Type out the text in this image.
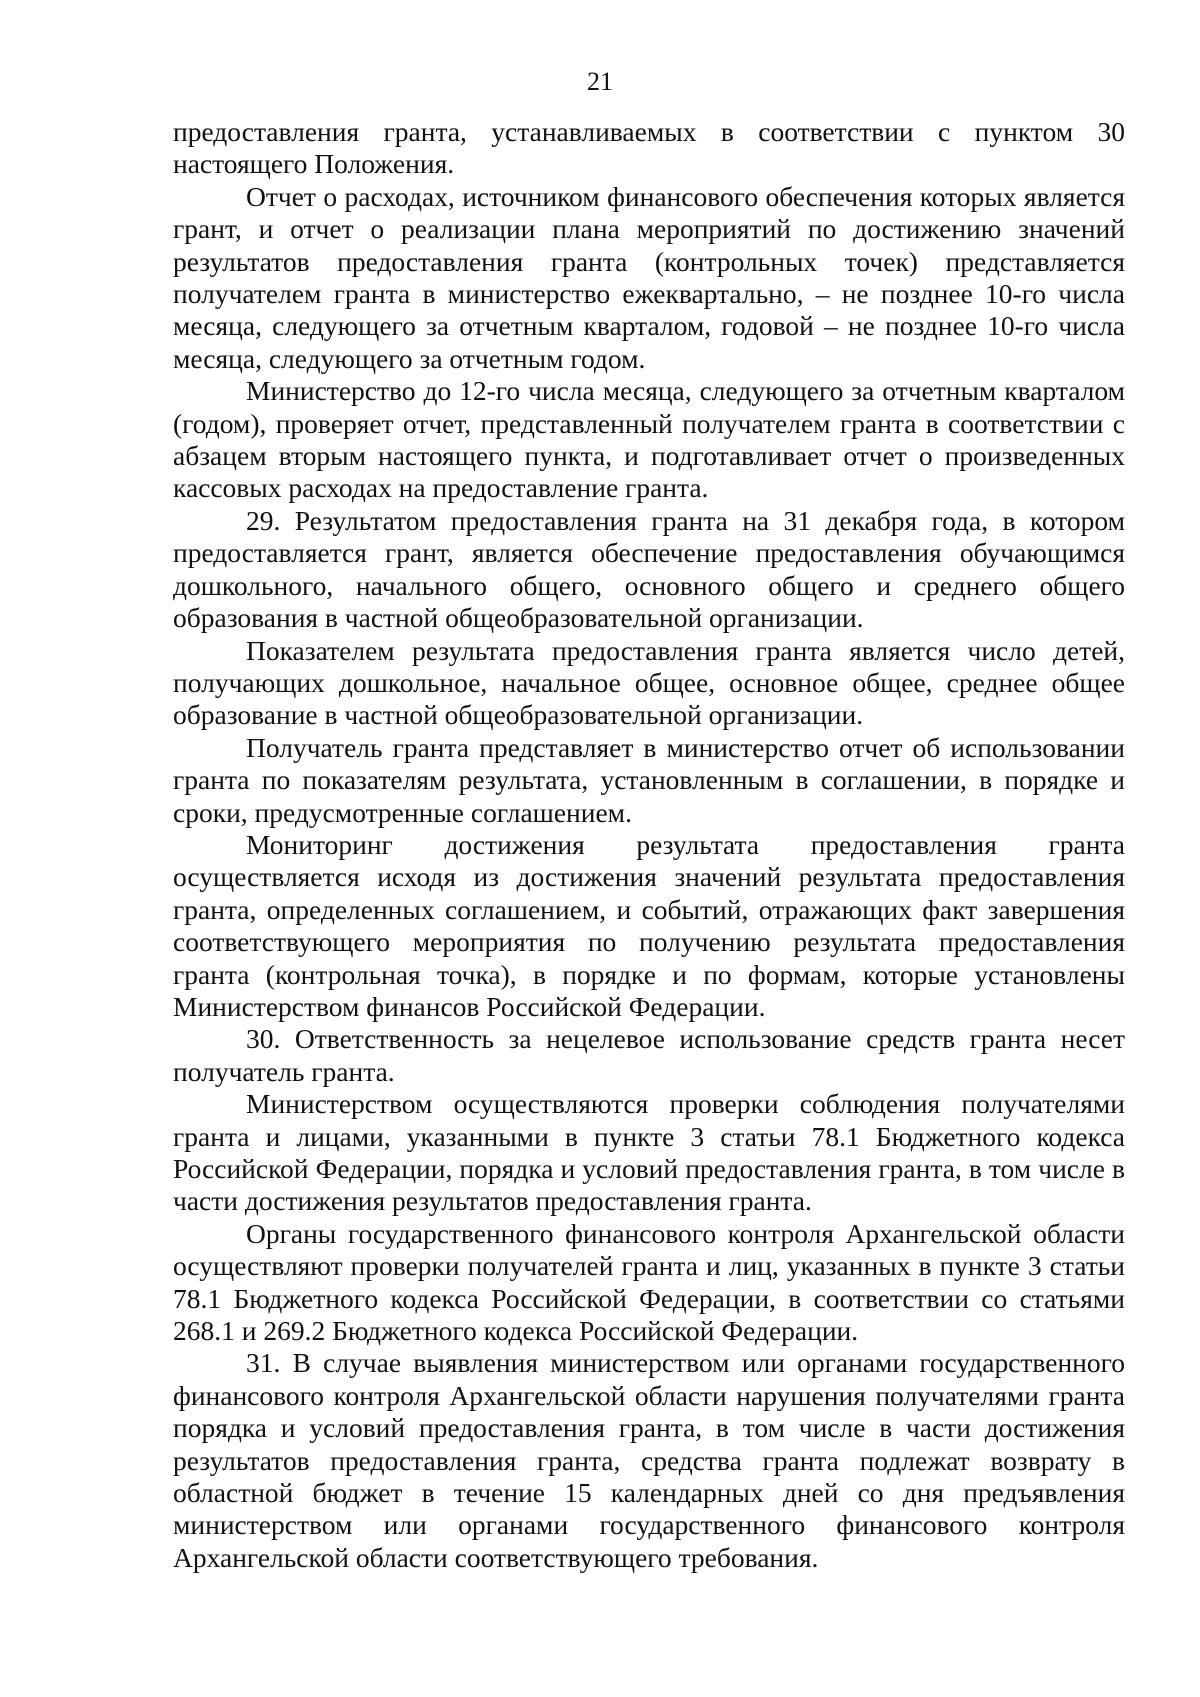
21

предоставления гранта, устанавливаемых в соответствии с пунктом 30 настоящего Положения.

Отчет о расходах, источником финансового обеспечения которых является грант, и отчет о реализации плана мероприятий по достижению значений результатов предоставления гранта (контрольных точек) представляется получателем гранта в министерство ежеквартально, – не позднее 10-го числа месяца, следующего за отчетным кварталом, годовой – не позднее 10-го числа месяца, следующего за отчетным годом.

Министерство до 12-го числа месяца, следующего за отчетным кварталом (годом), проверяет отчет, представленный получателем гранта в соответствии с абзацем вторым настоящего пункта, и подготавливает отчет о произведенных кассовых расходах на предоставление гранта.

29. Результатом предоставления гранта на 31 декабря года, в котором предоставляется грант, является обеспечение предоставления обучающимся дошкольного, начального общего, основного общего и среднего общего образования в частной общеобразовательной организации.

Показателем результата предоставления гранта является число детей, получающих дошкольное, начальное общее, основное общее, среднее общее образование в частной общеобразовательной организации.

Получатель гранта представляет в министерство отчет об использовании гранта по показателям результата, установленным в соглашении, в порядке и сроки, предусмотренные соглашением.

Мониторинг достижения результата предоставления гранта осуществляется исходя из достижения значений результата предоставления гранта, определенных соглашением, и событий, отражающих факт завершения соответствующего мероприятия по получению результата предоставления гранта (контрольная точка), в порядке и по формам, которые установлены Министерством финансов Российской Федерации.

30. Ответственность за нецелевое использование средств гранта несет получатель гранта.

Министерством осуществляются проверки соблюдения получателями гранта и лицами, указанными в пункте 3 статьи 78.1 Бюджетного кодекса Российской Федерации, порядка и условий предоставления гранта, в том числе в части достижения результатов предоставления гранта.

Органы государственного финансового контроля Архангельской области осуществляют проверки получателей гранта и лиц, указанных в пункте 3 статьи 78.1 Бюджетного кодекса Российской Федерации, в соответствии со статьями 268.1 и 269.2 Бюджетного кодекса Российской Федерации.

31. В случае выявления министерством или органами государственного финансового контроля Архангельской области нарушения получателями гранта порядка и условий предоставления гранта, в том числе в части достижения результатов предоставления гранта, средства гранта подлежат возврату в областной бюджет в течение 15 календарных дней со дня предъявления министерством или органами государственного финансового контроля Архангельской области соответствующего требования.
